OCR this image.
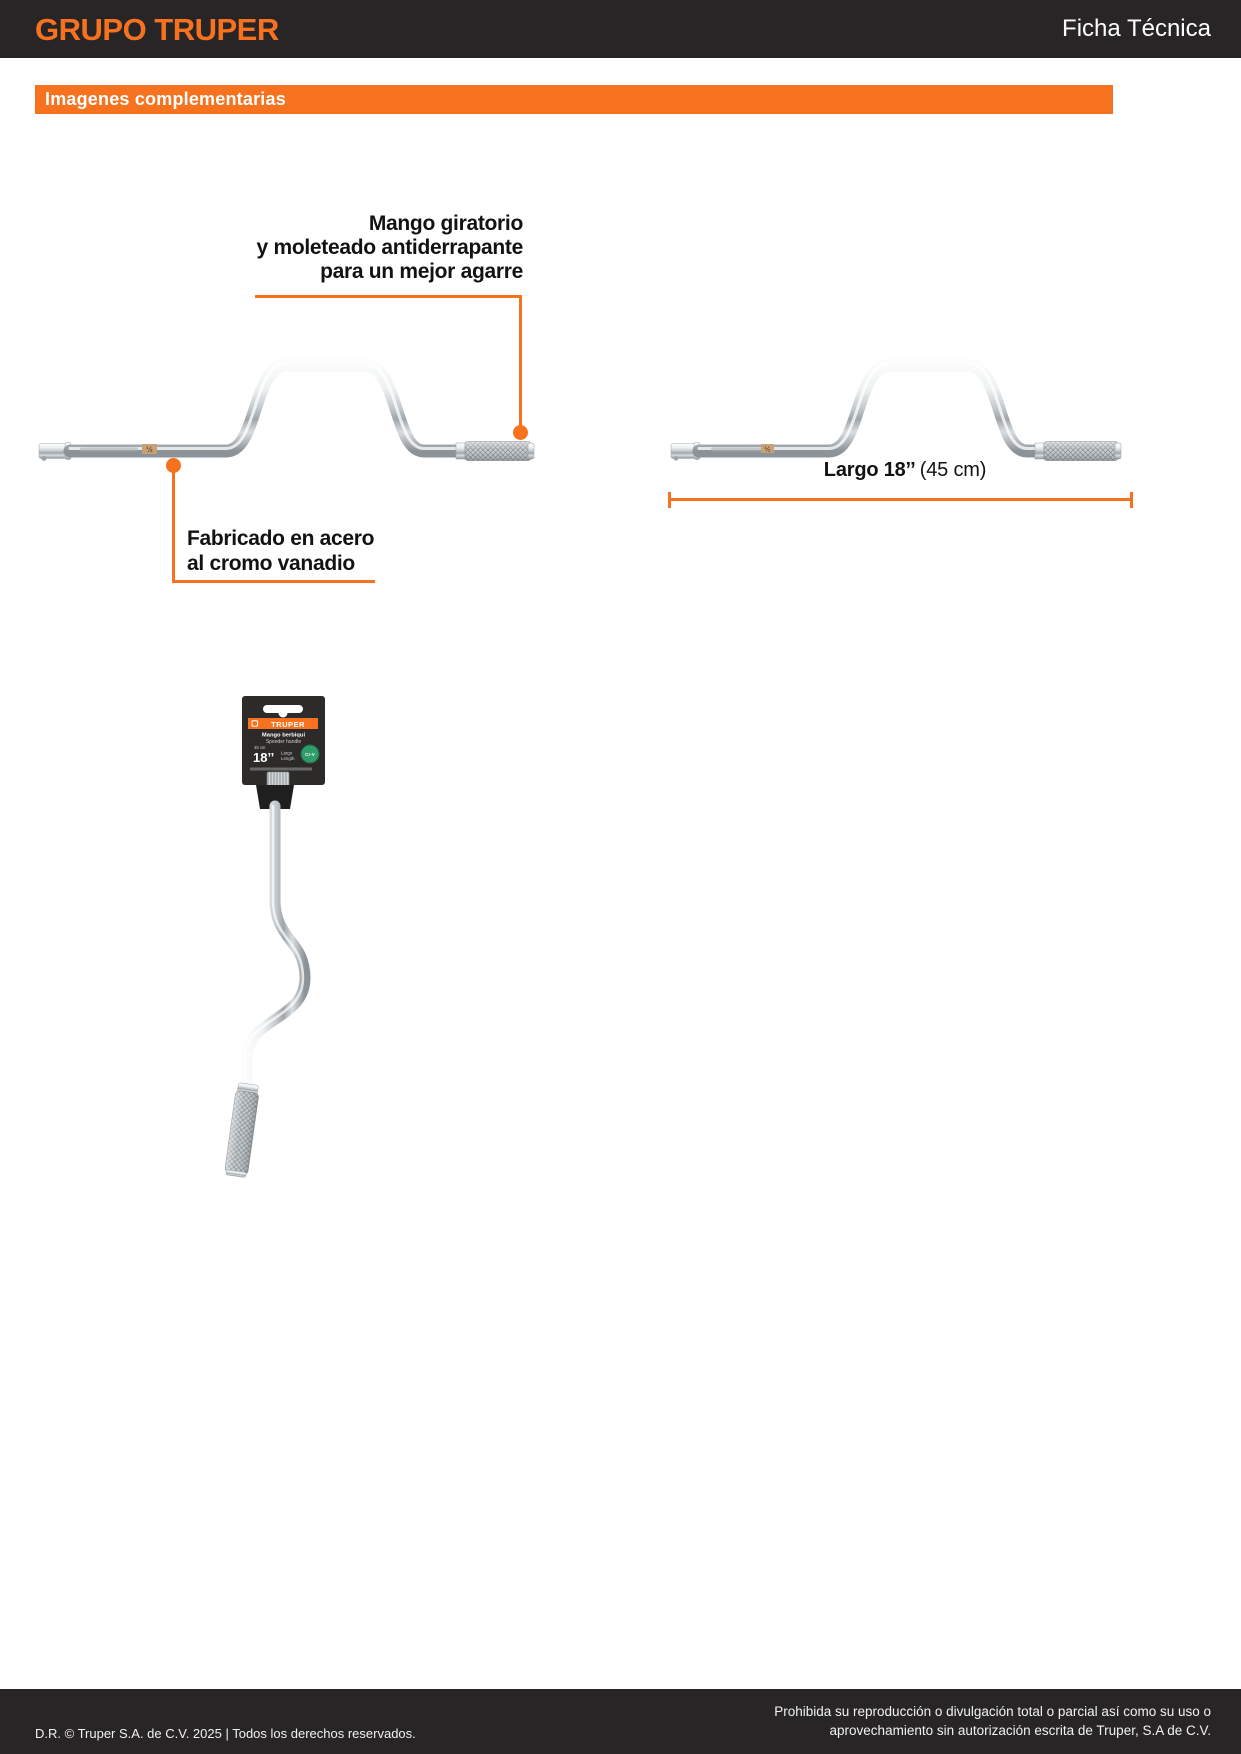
GRUPO TRUPER	Ficha Técnica
Imagenes complementarias
Mango giratorio
y moleteado antiderrapante
para un mejor agarre
½
Fabricado en acero
al cromo vanadio
½
Largo 18’’ (45 cm)
TRUPER
Mango berbiquí
Speeder handle
45 cm
18’’ Largo
Length
Cr-V
D.R. © Truper S.A. de C.V. 2025 | Todos los derechos reservados.
Prohibida su reproducción o divulgación total o parcial así como su uso o
aprovechamiento sin autorización escrita de Truper, S.A de C.V.
